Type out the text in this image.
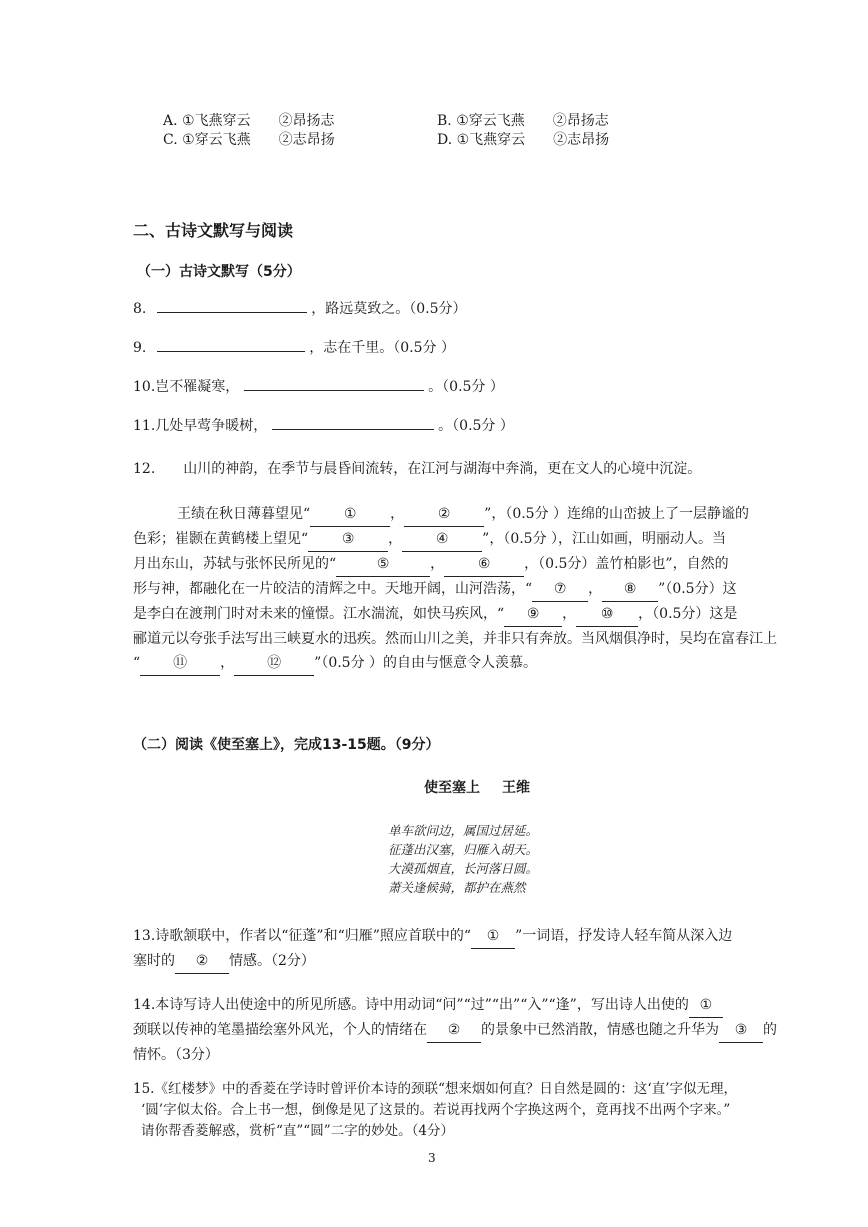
A. ①飞燕穿云　　②昂扬志	B. ①穿云飞燕　　②昂扬志
C. ①穿云飞燕　　②志昂扬	D. ①飞燕穿云　　②志昂扬
二、古诗文默写与阅读
（一）古诗文默写（5分）
8.	，路远莫致之。（0.5分）
9.	，志在千里。（0.5分 ）
10.岂不罹凝寒，	。（0.5分 ）
11.几处早莺争暖树，	。（0.5分 ）
12.　　山川的神韵，在季节与晨昏间流转，在江河与湖海中奔淌，更在文人的心境中沉淀。
王绩在秋日薄暮望见“ ① ， ② ”，（0.5分 ）连绵的山峦披上了一层静谧的
色彩；崔颢在黄鹤楼上望见“ ③ ， ④ ”，（0.5分 ），江山如画，明丽动人。当
月出东山，苏轼与张怀民所见的“	⑤	， ⑥ ，（0.5分）盖竹柏影也”，自然的
形与神，都融化在一片皎洁的清辉之中。天地开阔，山河浩荡，“ ⑦ ， ⑧ ”（0.5分）这
是李白在渡荆门时对未来的憧憬。江水湍流，如快马疾风，“ ⑨ ， ⑩ ，（0.5分）这是
郦道元以夸张手法写出三峡夏水的迅疾。然而山川之美，并非只有奔放。当风烟俱净时，吴均在富春江上
“ ⑪ ， ⑫ ”（0.5分 ）的自由与惬意令人羡慕。
（二）阅读《使至塞上》，完成13-15题。（9分）
使至塞上 王维
单车欲问边，属国过居延。
征蓬出汉塞，归雁入胡天。
大漠孤烟直，长河落日圆。
萧关逢候骑，都护在燕然
13.诗歌颔联中，作者以“征蓬”和“归雁”照应首联中的“ ① ”一词语，抒发诗人轻车简从深入边
塞时的 ② 情感。（2分）
14.本诗写诗人出使途中的所见所感。诗中用动词“问”“过”“出”“入”“逢”，写出诗人出使的 ①
颈联以传神的笔墨描绘塞外风光，个人的情绪在 ② 的景象中已然消散，情感也随之升华为 ③ 的
情怀。（3分）
15.《红楼梦》中的香菱在学诗时曾评价本诗的颈联“想来烟如何直？日自然是圆的：这‘直’字似无理，
‘圆’字似太俗。合上书一想，倒像是见了这景的。若说再找两个字换这两个，竟再找不出两个字来。”
请你帮香菱解惑，赏析“直”“圆”二字的妙处。（4分）
3
